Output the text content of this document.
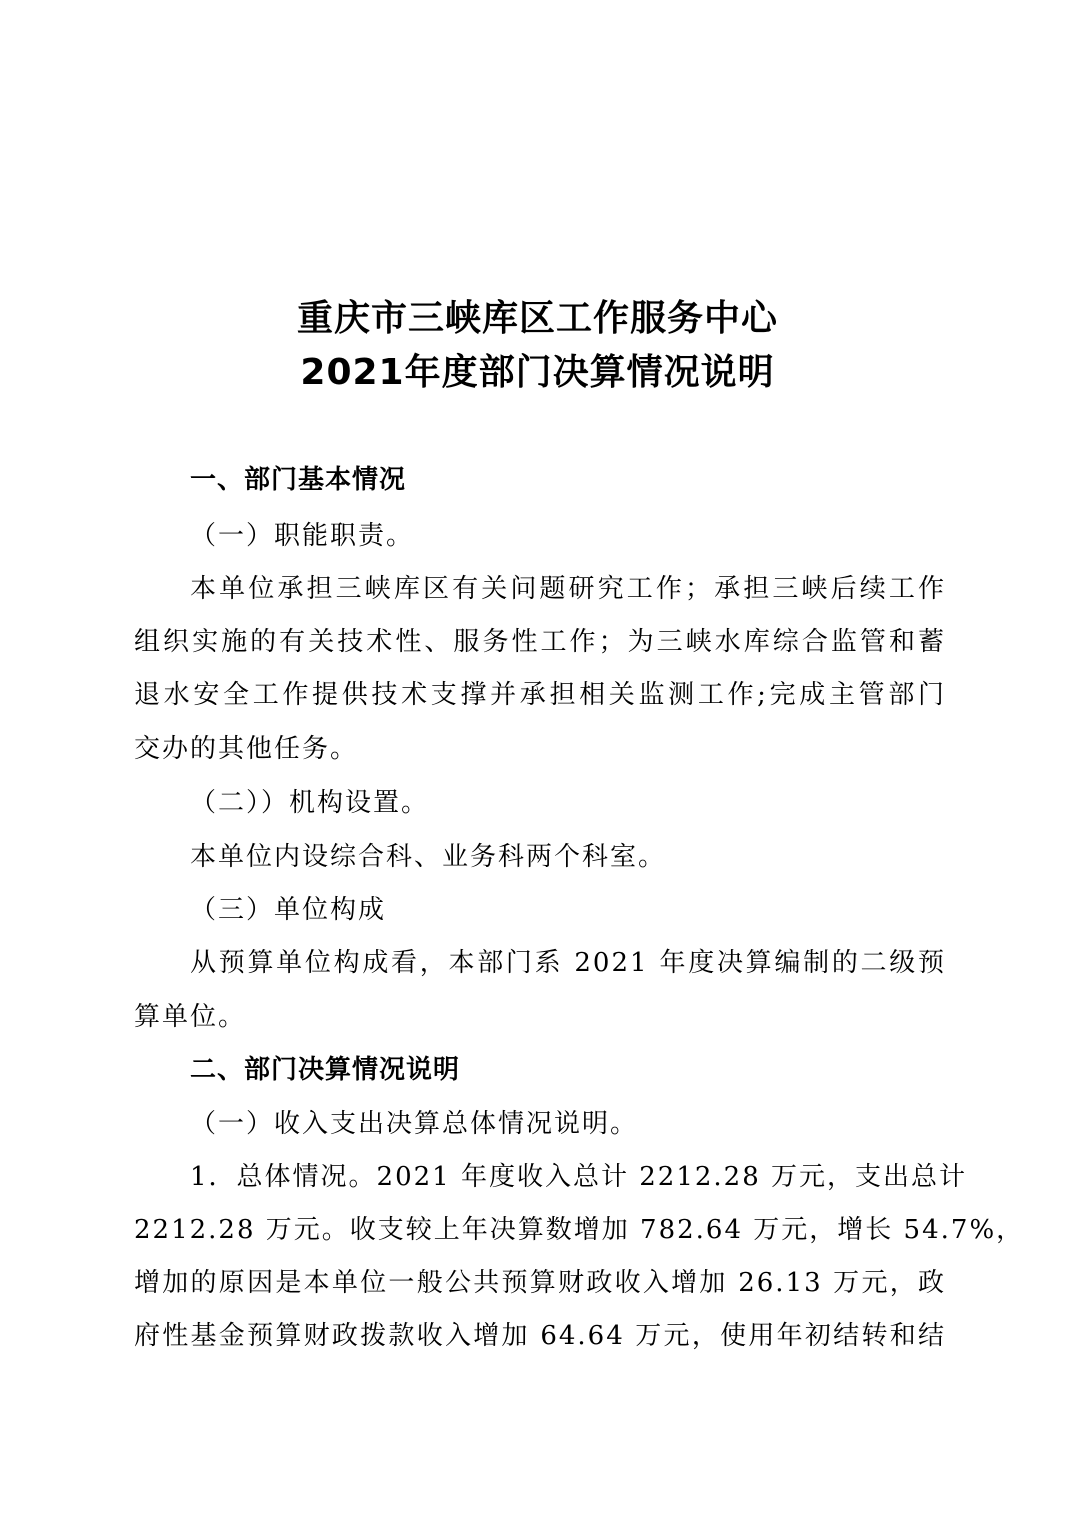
重庆市三峡库区工作服务中心
2021年度部门决算情况说明
一、部门基本情况
（一）职能职责。
本单位承担三峡库区有关问题研究工作；承担三峡后续工作
组织实施的有关技术性、服务性工作；为三峡水库综合监管和蓄
退水安全工作提供技术支撑并承担相关监测工作;完成主管部门
交办的其他任务。
（二））机构设置。
本单位内设综合科、业务科两个科室。
（三）单位构成
从预算单位构成看，本部门系 2021 年度决算编制的二级预
算单位。
二、部门决算情况说明
（一）收入支出决算总体情况说明。
1．总体情况。2021 年度收入总计 2212.28 万元，支出总计
2212.28 万元。收支较上年决算数增加 782.64 万元，增长 54.7%，
增加的原因是本单位一般公共预算财政收入增加 26.13 万元，政
府性基金预算财政拨款收入增加 64.64 万元，使用年初结转和结
